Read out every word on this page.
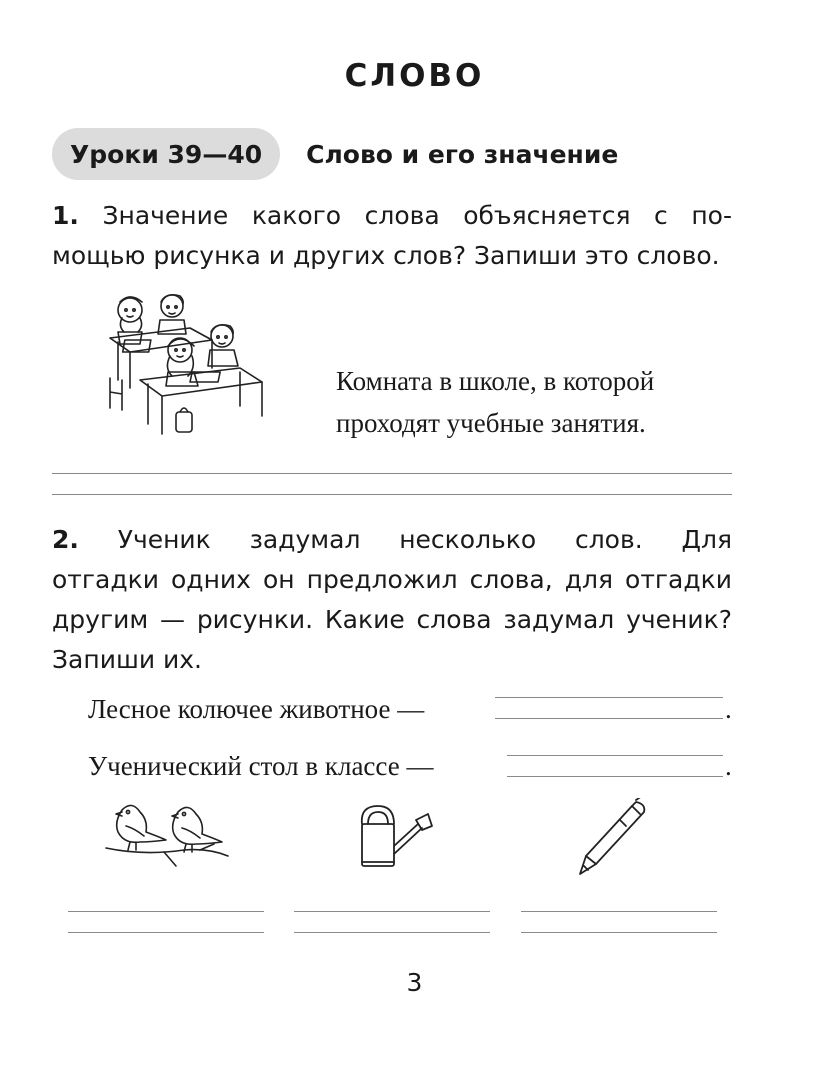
СЛОВО
Уроки 39—40	Слово и его значение
1. Значение какого слова объясняется с по-
мощью рисунка и других слов? Запиши это слово.
Комната в школе, в которой
проходят учебные занятия.
2. Ученик задумал несколько слов. Для
отгадки одних он предложил слова, для отгадки
другим — рисунки. Какие слова задумал ученик?
Запиши их.
Лесное колючее животное —	.
Ученический стол в классе —	.
3
